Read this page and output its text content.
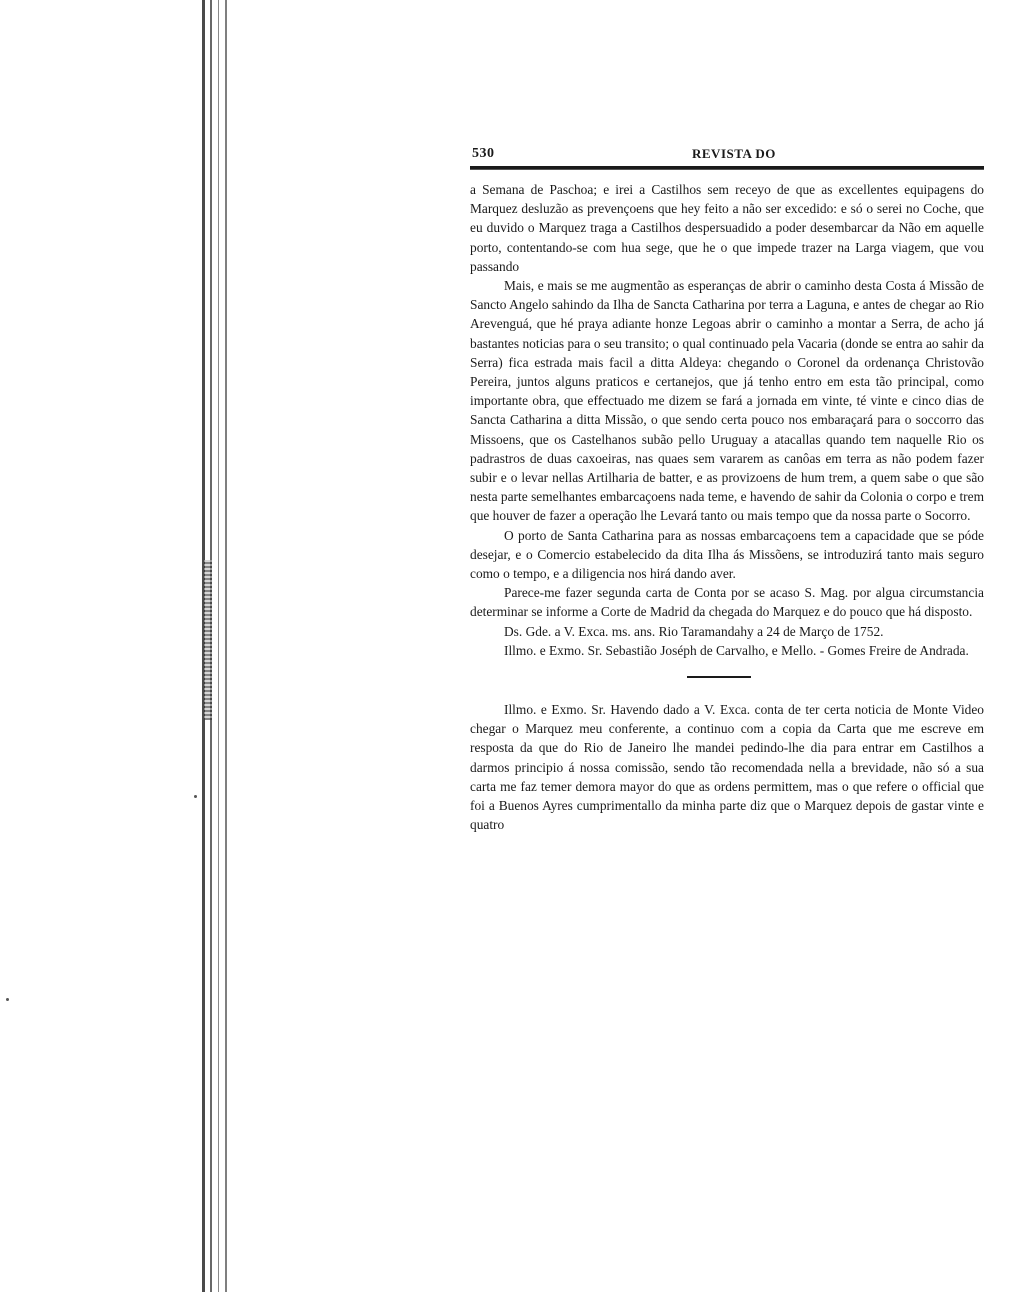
530	REVISTA DO

a Semana de Paschoa; e irei a Castilhos sem receyo de que as excellentes equipagens do Marquez desluzão as prevençoens que hey feito a não ser excedido: e só o serei no Coche, que eu duvido o Marquez traga a Castilhos despersuadido a poder desembarcar da Não em aquelle porto, contentando-se com hua sege, que he o que impede trazer na Larga viagem, que vou passando

Mais, e mais se me augmentão as esperanças de abrir o caminho desta Costa á Missão de Sancto Angelo sahindo da Ilha de Sancta Catharina por terra a Laguna, e antes de chegar ao Rio Arevenguá, que hé praya adiante honze Legoas abrir o caminho a montar a Serra, de acho já bastantes noticias para o seu transito; o qual continuado pela Vacaria (donde se entra ao sahir da Serra) fica estrada mais facil a ditta Aldeya: chegando o Coronel da ordenança Christovão Pereira, juntos alguns praticos e certanejos, que já tenho entro em esta tão principal, como importante obra, que effectuado me dizem se fará a jornada em vinte, té vinte e cinco dias de Sancta Catharina a ditta Missão, o que sendo certa pouco nos embaraçará para o soccorro das Missoens, que os Castelhanos subão pello Uruguay a atacallas quando tem naquelle Rio os padrastros de duas caxoeiras, nas quaes sem vararem as canôas em terra as não podem fazer subir e o levar nellas Artilharia de batter, e as provizoens de hum trem, a quem sabe o que são nesta parte semelhantes embarcaçoens nada teme, e havendo de sahir da Colonia o corpo e trem que houver de fazer a operação lhe Levará tanto ou mais tempo que da nossa parte o Socorro.

O porto de Santa Catharina para as nossas embarcaçoens tem a capacidade que se póde desejar, e o Comercio estabelecido da dita Ilha ás Missõens, se introduzirá tanto mais seguro como o tempo, e a diligencia nos hirá dando aver.

Parece-me fazer segunda carta de Conta por se acaso S. Mag. por algua circumstancia determinar se informe a Corte de Madrid da chegada do Marquez e do pouco que há disposto.

Ds. Gde. a V. Exca. ms. ans. Rio Taramandahy a 24 de Março de 1752.

Illmo. e Exmo. Sr. Sebastião Joséph de Carvalho, e Mello. - Gomes Freire de Andrada.

Illmo. e Exmo. Sr. Havendo dado a V. Exca. conta de ter certa noticia de Monte Video chegar o Marquez meu conferente, a continuo com a copia da Carta que me escreve em resposta da que do Rio de Janeiro lhe mandei pedindo-lhe dia para entrar em Castilhos a darmos principio á nossa comissão, sendo tão recomendada nella a brevidade, não só a sua carta me faz temer demora mayor do que as ordens permittem, mas o que refere o official que foi a Buenos Ayres cumprimentallo da minha parte diz que o Marquez depois de gastar vinte e quatro
